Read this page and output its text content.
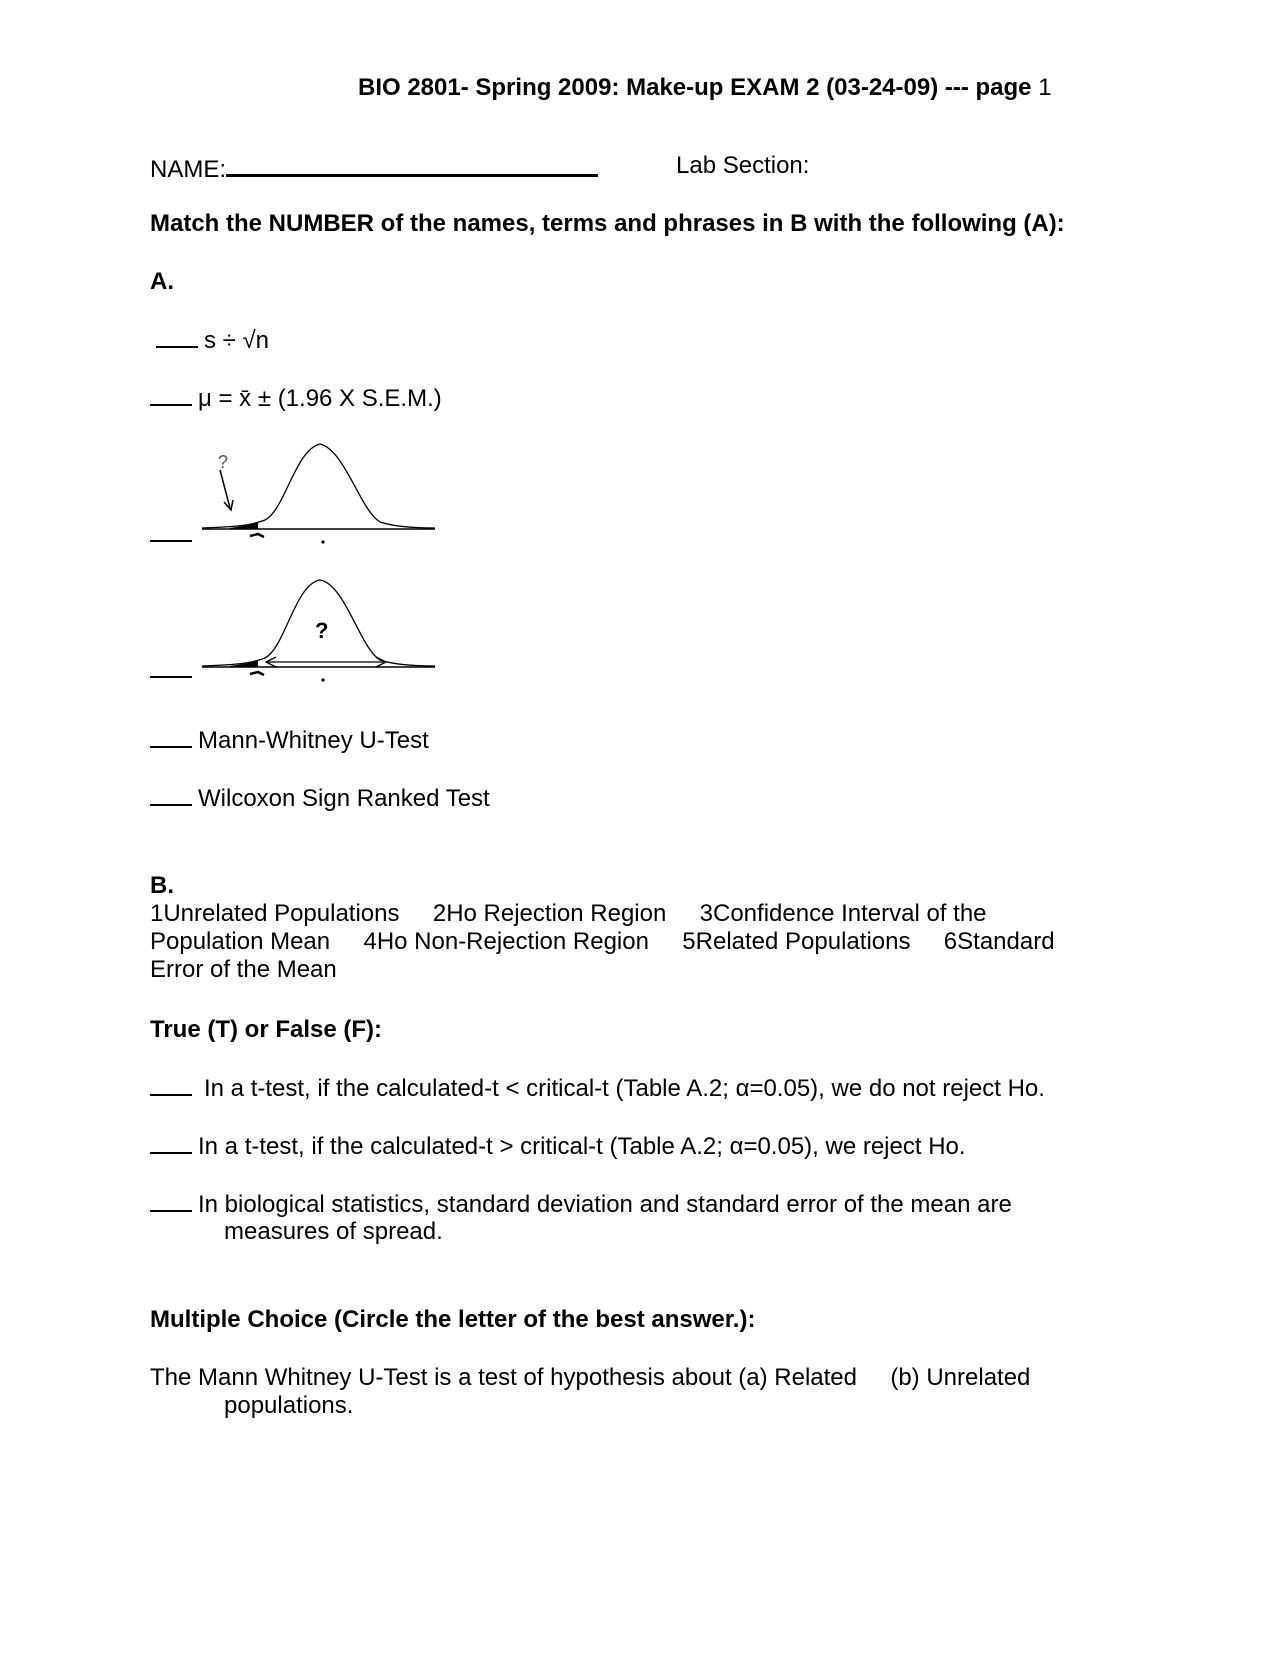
BIO 2801- Spring 2009: Make-up EXAM 2 (03-24-09) --- page 1
NAME:	Lab Section:
Match the NUMBER of the names, terms and phrases in B with the following (A):
A.
s ÷ √n
μ = x̄ ± (1.96 X S.E.M.)
?
?
Mann-Whitney U-Test
Wilcoxon Sign Ranked Test
B.
1Unrelated Populations     2Ho Rejection Region     3Confidence Interval of the
Population Mean     4Ho Non-Rejection Region     5Related Populations     6Standard
Error of the Mean
True (T) or False (F):
In a t-test, if the calculated-t < critical-t (Table A.2; α=0.05), we do not reject Ho.
In a t-test, if the calculated-t > critical-t (Table A.2; α=0.05), we reject Ho.
In biological statistics, standard deviation and standard error of the mean are
measures of spread.
Multiple Choice (Circle the letter of the best answer.):
The Mann Whitney U-Test is a test of hypothesis about (a) Related     (b) Unrelated
populations.
